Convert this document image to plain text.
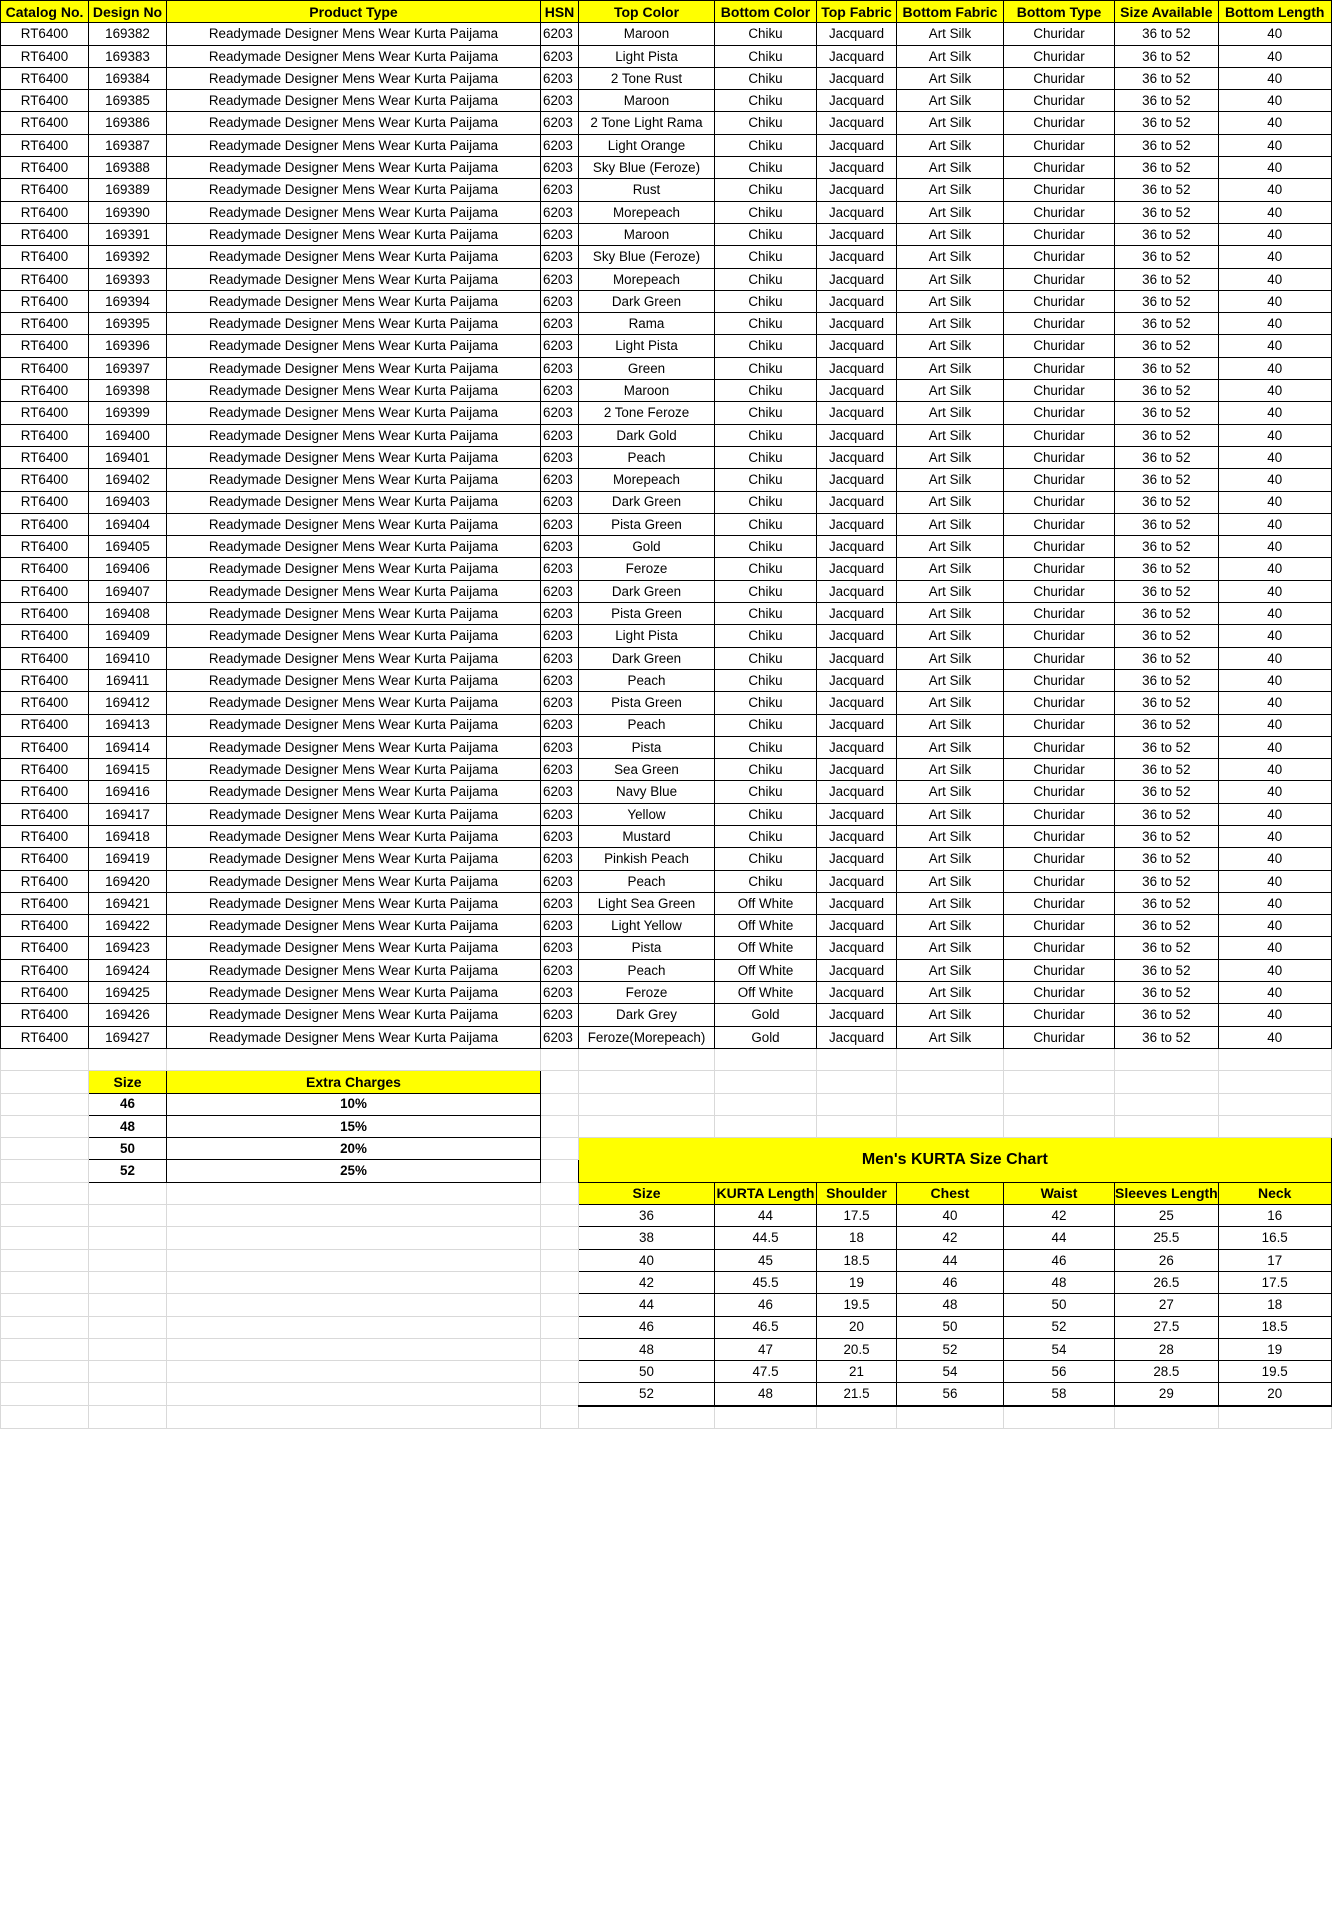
Catalog No.	Design No	Product Type	HSN	Top Color	Bottom Color	Top Fabric	Bottom Fabric	Bottom Type	Size Available	Bottom Length
RT6400	169382	Readymade Designer Mens Wear Kurta Paijama	6203	Maroon	Chiku	Jacquard	Art Silk	Churidar	36 to 52	40
RT6400	169383	Readymade Designer Mens Wear Kurta Paijama	6203	Light Pista	Chiku	Jacquard	Art Silk	Churidar	36 to 52	40
RT6400	169384	Readymade Designer Mens Wear Kurta Paijama	6203	2 Tone Rust	Chiku	Jacquard	Art Silk	Churidar	36 to 52	40
RT6400	169385	Readymade Designer Mens Wear Kurta Paijama	6203	Maroon	Chiku	Jacquard	Art Silk	Churidar	36 to 52	40
RT6400	169386	Readymade Designer Mens Wear Kurta Paijama	6203	2 Tone Light Rama	Chiku	Jacquard	Art Silk	Churidar	36 to 52	40
RT6400	169387	Readymade Designer Mens Wear Kurta Paijama	6203	Light Orange	Chiku	Jacquard	Art Silk	Churidar	36 to 52	40
RT6400	169388	Readymade Designer Mens Wear Kurta Paijama	6203	Sky Blue (Feroze)	Chiku	Jacquard	Art Silk	Churidar	36 to 52	40
RT6400	169389	Readymade Designer Mens Wear Kurta Paijama	6203	Rust	Chiku	Jacquard	Art Silk	Churidar	36 to 52	40
RT6400	169390	Readymade Designer Mens Wear Kurta Paijama	6203	Morepeach	Chiku	Jacquard	Art Silk	Churidar	36 to 52	40
RT6400	169391	Readymade Designer Mens Wear Kurta Paijama	6203	Maroon	Chiku	Jacquard	Art Silk	Churidar	36 to 52	40
RT6400	169392	Readymade Designer Mens Wear Kurta Paijama	6203	Sky Blue (Feroze)	Chiku	Jacquard	Art Silk	Churidar	36 to 52	40
RT6400	169393	Readymade Designer Mens Wear Kurta Paijama	6203	Morepeach	Chiku	Jacquard	Art Silk	Churidar	36 to 52	40
RT6400	169394	Readymade Designer Mens Wear Kurta Paijama	6203	Dark Green	Chiku	Jacquard	Art Silk	Churidar	36 to 52	40
RT6400	169395	Readymade Designer Mens Wear Kurta Paijama	6203	Rama	Chiku	Jacquard	Art Silk	Churidar	36 to 52	40
RT6400	169396	Readymade Designer Mens Wear Kurta Paijama	6203	Light Pista	Chiku	Jacquard	Art Silk	Churidar	36 to 52	40
RT6400	169397	Readymade Designer Mens Wear Kurta Paijama	6203	Green	Chiku	Jacquard	Art Silk	Churidar	36 to 52	40
RT6400	169398	Readymade Designer Mens Wear Kurta Paijama	6203	Maroon	Chiku	Jacquard	Art Silk	Churidar	36 to 52	40
RT6400	169399	Readymade Designer Mens Wear Kurta Paijama	6203	2 Tone Feroze	Chiku	Jacquard	Art Silk	Churidar	36 to 52	40
RT6400	169400	Readymade Designer Mens Wear Kurta Paijama	6203	Dark Gold	Chiku	Jacquard	Art Silk	Churidar	36 to 52	40
RT6400	169401	Readymade Designer Mens Wear Kurta Paijama	6203	Peach	Chiku	Jacquard	Art Silk	Churidar	36 to 52	40
RT6400	169402	Readymade Designer Mens Wear Kurta Paijama	6203	Morepeach	Chiku	Jacquard	Art Silk	Churidar	36 to 52	40
RT6400	169403	Readymade Designer Mens Wear Kurta Paijama	6203	Dark Green	Chiku	Jacquard	Art Silk	Churidar	36 to 52	40
RT6400	169404	Readymade Designer Mens Wear Kurta Paijama	6203	Pista Green	Chiku	Jacquard	Art Silk	Churidar	36 to 52	40
RT6400	169405	Readymade Designer Mens Wear Kurta Paijama	6203	Gold	Chiku	Jacquard	Art Silk	Churidar	36 to 52	40
RT6400	169406	Readymade Designer Mens Wear Kurta Paijama	6203	Feroze	Chiku	Jacquard	Art Silk	Churidar	36 to 52	40
RT6400	169407	Readymade Designer Mens Wear Kurta Paijama	6203	Dark Green	Chiku	Jacquard	Art Silk	Churidar	36 to 52	40
RT6400	169408	Readymade Designer Mens Wear Kurta Paijama	6203	Pista Green	Chiku	Jacquard	Art Silk	Churidar	36 to 52	40
RT6400	169409	Readymade Designer Mens Wear Kurta Paijama	6203	Light Pista	Chiku	Jacquard	Art Silk	Churidar	36 to 52	40
RT6400	169410	Readymade Designer Mens Wear Kurta Paijama	6203	Dark Green	Chiku	Jacquard	Art Silk	Churidar	36 to 52	40
RT6400	169411	Readymade Designer Mens Wear Kurta Paijama	6203	Peach	Chiku	Jacquard	Art Silk	Churidar	36 to 52	40
RT6400	169412	Readymade Designer Mens Wear Kurta Paijama	6203	Pista Green	Chiku	Jacquard	Art Silk	Churidar	36 to 52	40
RT6400	169413	Readymade Designer Mens Wear Kurta Paijama	6203	Peach	Chiku	Jacquard	Art Silk	Churidar	36 to 52	40
RT6400	169414	Readymade Designer Mens Wear Kurta Paijama	6203	Pista	Chiku	Jacquard	Art Silk	Churidar	36 to 52	40
RT6400	169415	Readymade Designer Mens Wear Kurta Paijama	6203	Sea Green	Chiku	Jacquard	Art Silk	Churidar	36 to 52	40
RT6400	169416	Readymade Designer Mens Wear Kurta Paijama	6203	Navy Blue	Chiku	Jacquard	Art Silk	Churidar	36 to 52	40
RT6400	169417	Readymade Designer Mens Wear Kurta Paijama	6203	Yellow	Chiku	Jacquard	Art Silk	Churidar	36 to 52	40
RT6400	169418	Readymade Designer Mens Wear Kurta Paijama	6203	Mustard	Chiku	Jacquard	Art Silk	Churidar	36 to 52	40
RT6400	169419	Readymade Designer Mens Wear Kurta Paijama	6203	Pinkish Peach	Chiku	Jacquard	Art Silk	Churidar	36 to 52	40
RT6400	169420	Readymade Designer Mens Wear Kurta Paijama	6203	Peach	Chiku	Jacquard	Art Silk	Churidar	36 to 52	40
RT6400	169421	Readymade Designer Mens Wear Kurta Paijama	6203	Light Sea Green	Off White	Jacquard	Art Silk	Churidar	36 to 52	40
RT6400	169422	Readymade Designer Mens Wear Kurta Paijama	6203	Light Yellow	Off White	Jacquard	Art Silk	Churidar	36 to 52	40
RT6400	169423	Readymade Designer Mens Wear Kurta Paijama	6203	Pista	Off White	Jacquard	Art Silk	Churidar	36 to 52	40
RT6400	169424	Readymade Designer Mens Wear Kurta Paijama	6203	Peach	Off White	Jacquard	Art Silk	Churidar	36 to 52	40
RT6400	169425	Readymade Designer Mens Wear Kurta Paijama	6203	Feroze	Off White	Jacquard	Art Silk	Churidar	36 to 52	40
RT6400	169426	Readymade Designer Mens Wear Kurta Paijama	6203	Dark Grey	Gold	Jacquard	Art Silk	Churidar	36 to 52	40
RT6400	169427	Readymade Designer Mens Wear Kurta Paijama	6203	Feroze(Morepeach)	Gold	Jacquard	Art Silk	Churidar	36 to 52	40

	Size	Extra Charges								
	46	10%								
	48	15%								
	50	20%		Men's KURTA Size Chart						
	52	25%								
				Size	KURTA Length	Shoulder	Chest	Waist	Sleeves Length	Neck
				36	44	17.5	40	42	25	16
				38	44.5	18	42	44	25.5	16.5
				40	45	18.5	44	46	26	17
				42	45.5	19	46	48	26.5	17.5
				44	46	19.5	48	50	27	18
				46	46.5	20	50	52	27.5	18.5
				48	47	20.5	52	54	28	19
				50	47.5	21	54	56	28.5	19.5
				52	48	21.5	56	58	29	20
